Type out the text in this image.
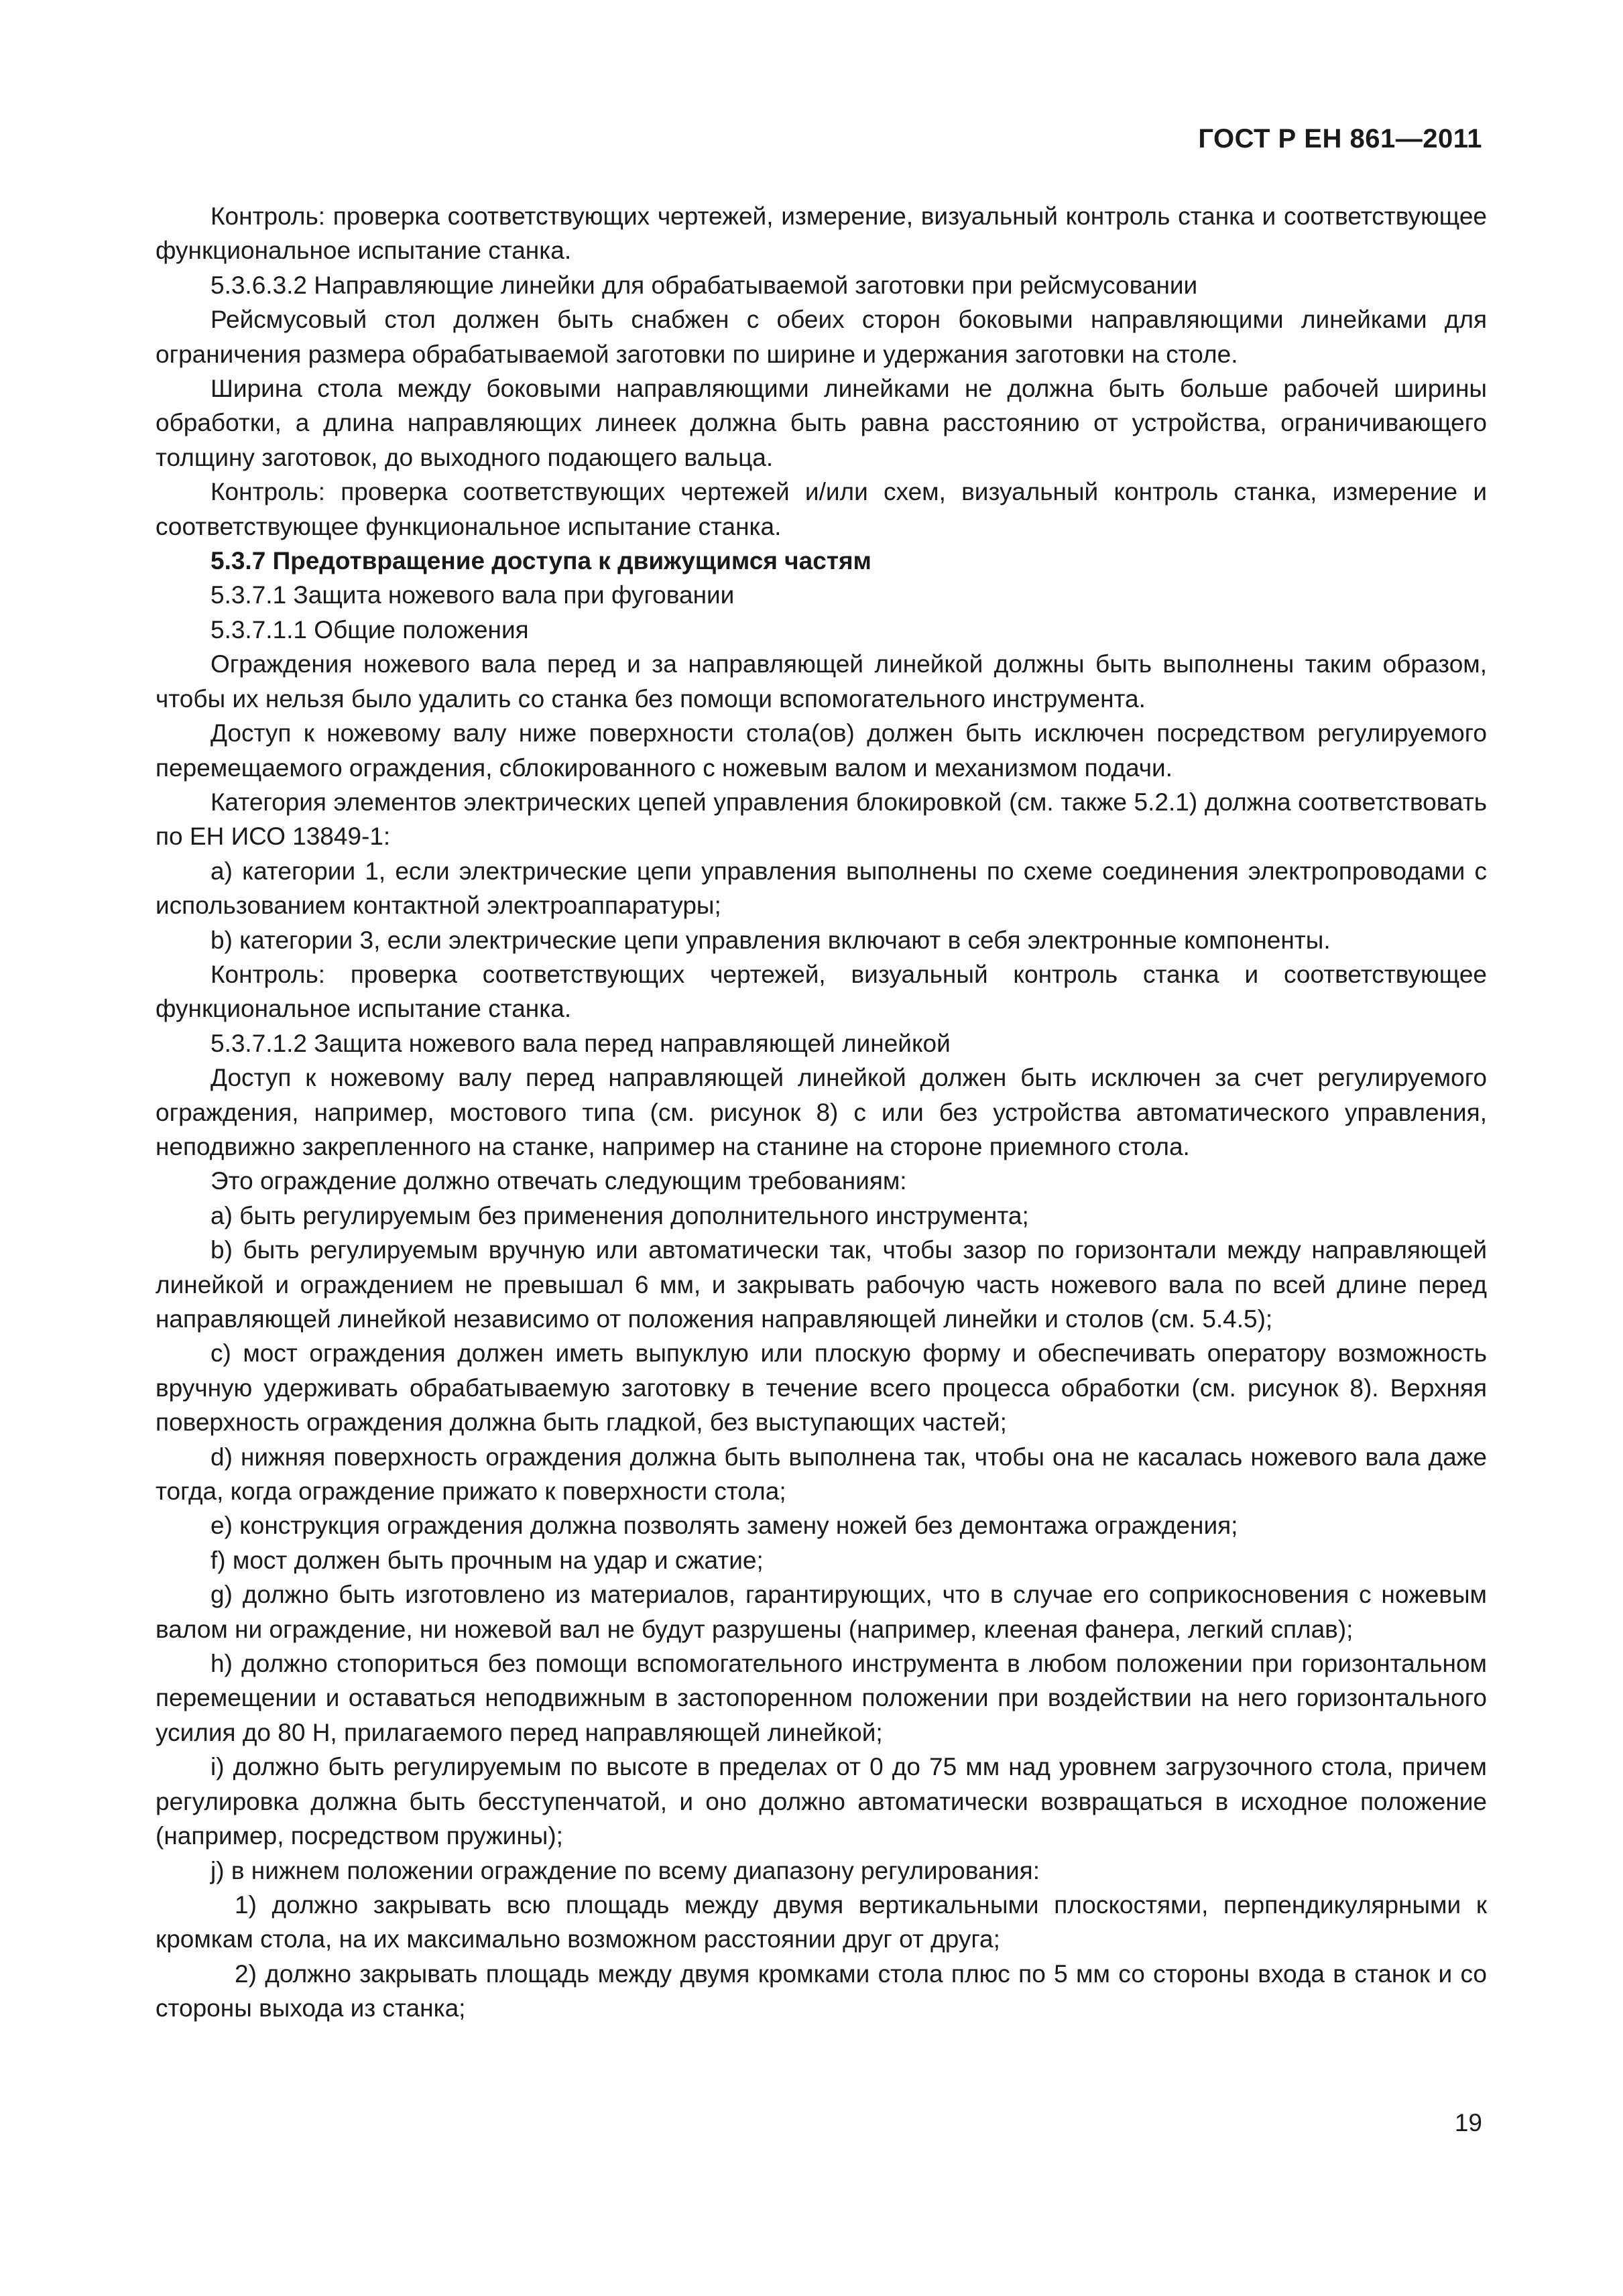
ГОСТ Р ЕН 861—2011

Контроль: проверка соответствующих чертежей, измерение, визуальный контроль станка и соответствующее функциональное испытание станка.

5.3.6.3.2 Направляющие линейки для обрабатываемой заготовки при рейсмусовании

Рейсмусовый стол должен быть снабжен с обеих сторон боковыми направляющими линейками для ограничения размера обрабатываемой заготовки по ширине и удержания заготовки на столе.

Ширина стола между боковыми направляющими линейками не должна быть больше рабочей ширины обработки, а длина направляющих линеек должна быть равна расстоянию от устройства, ограничивающего толщину заготовок, до выходного подающего вальца.

Контроль: проверка соответствующих чертежей и/или схем, визуальный контроль станка, измерение и соответствующее функциональное испытание станка.

5.3.7 Предотвращение доступа к движущимся частям

5.3.7.1 Защита ножевого вала при фуговании

5.3.7.1.1 Общие положения

Ограждения ножевого вала перед и за направляющей линейкой должны быть выполнены таким образом, чтобы их нельзя было удалить со станка без помощи вспомогательного инструмента.

Доступ к ножевому валу ниже поверхности стола(ов) должен быть исключен посредством регулируемого перемещаемого ограждения, сблокированного с ножевым валом и механизмом подачи.

Категория элементов электрических цепей управления блокировкой (см. также 5.2.1) должна соответствовать по ЕН ИСО 13849-1:

a) категории 1, если электрические цепи управления выполнены по схеме соединения электропроводами с использованием контактной электроаппаратуры;

b) категории 3, если электрические цепи управления включают в себя электронные компоненты.

Контроль: проверка соответствующих чертежей, визуальный контроль станка и соответствующее функциональное испытание станка.

5.3.7.1.2 Защита ножевого вала перед направляющей линейкой

Доступ к ножевому валу перед направляющей линейкой должен быть исключен за счет регулируемого ограждения, например, мостового типа (см. рисунок 8) с или без устройства автоматического управления, неподвижно закрепленного на станке, например на станине на стороне приемного стола.

Это ограждение должно отвечать следующим требованиям:

a) быть регулируемым без применения дополнительного инструмента;

b) быть регулируемым вручную или автоматически так, чтобы зазор по горизонтали между направляющей линейкой и ограждением не превышал 6 мм, и закрывать рабочую часть ножевого вала по всей длине перед направляющей линейкой независимо от положения направляющей линейки и столов (см. 5.4.5);

c) мост ограждения должен иметь выпуклую или плоскую форму и обеспечивать оператору возможность вручную удерживать обрабатываемую заготовку в течение всего процесса обработки (см. рисунок 8). Верхняя поверхность ограждения должна быть гладкой, без выступающих частей;

d) нижняя поверхность ограждения должна быть выполнена так, чтобы она не касалась ножевого вала даже тогда, когда ограждение прижато к поверхности стола;

e) конструкция ограждения должна позволять замену ножей без демонтажа ограждения;

f) мост должен быть прочным на удар и сжатие;

g) должно быть изготовлено из материалов, гарантирующих, что в случае его соприкосновения с ножевым валом ни ограждение, ни ножевой вал не будут разрушены (например, клееная фанера, легкий сплав);

h) должно стопориться без помощи вспомогательного инструмента в любом положении при горизонтальном перемещении и оставаться неподвижным в застопоренном положении при воздействии на него горизонтального усилия до 80 Н, прилагаемого перед направляющей линейкой;

i) должно быть регулируемым по высоте в пределах от 0 до 75 мм над уровнем загрузочного стола, причем регулировка должна быть бесступенчатой, и оно должно автоматически возвращаться в исходное положение (например, посредством пружины);

j) в нижнем положении ограждение по всему диапазону регулирования:

1) должно закрывать всю площадь между двумя вертикальными плоскостями, перпендикулярными к кромкам стола, на их максимально возможном расстоянии друг от друга;

2) должно закрывать площадь между двумя кромками стола плюс по 5 мм со стороны входа в станок и со стороны выхода из станка;

19
